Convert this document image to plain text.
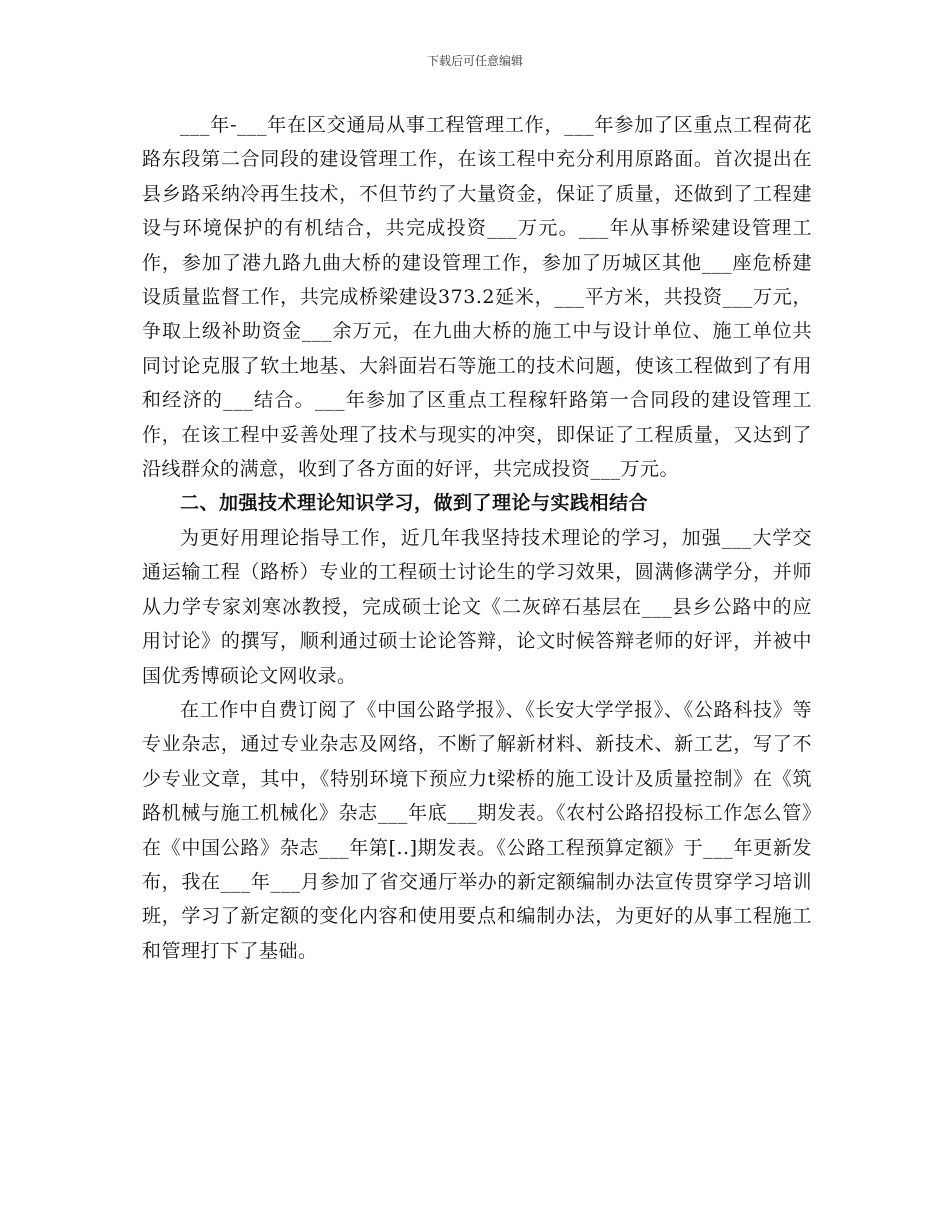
下载后可任意编辑

___年-___年在区交通局从事工程管理工作，___年参加了区重点工程荷花路东段第二合同段的建设管理工作，在该工程中充分利用原路面。首次提出在县乡路采纳冷再生技术，不但节约了大量资金，保证了质量，还做到了工程建设与环境保护的有机结合，共完成投资___万元。___年从事桥梁建设管理工作，参加了港九路九曲大桥的建设管理工作，参加了历城区其他___座危桥建设质量监督工作，共完成桥梁建设373.2延米，___平方米，共投资___万元，争取上级补助资金___余万元，在九曲大桥的施工中与设计单位、施工单位共同讨论克服了软土地基、大斜面岩石等施工的技术问题，使该工程做到了有用和经济的___结合。___年参加了区重点工程稼轩路第一合同段的建设管理工作，在该工程中妥善处理了技术与现实的冲突，即保证了工程质量，又达到了沿线群众的满意，收到了各方面的好评，共完成投资___万元。

二、加强技术理论知识学习，做到了理论与实践相结合

为更好用理论指导工作，近几年我坚持技术理论的学习，加强___大学交通运输工程（路桥）专业的工程硕士讨论生的学习效果，圆满修满学分，并师从力学专家刘寒冰教授，完成硕士论文《二灰碎石基层在___县乡公路中的应用讨论》的撰写，顺利通过硕士论论答辩，论文时候答辩老师的好评，并被中国优秀博硕论文网收录。

在工作中自费订阅了《中国公路学报》、《长安大学学报》、《公路科技》等专业杂志，通过专业杂志及网络，不断了解新材料、新技术、新工艺，写了不少专业文章，其中，《特别环境下预应力t梁桥的施工设计及质量控制》在《筑路机械与施工机械化》杂志___年底___期发表。《农村公路招投标工作怎么管》在《中国公路》杂志___年第[..]期发表。《公路工程预算定额》于___年更新发布，我在___年___月参加了省交通厅举办的新定额编制办法宣传贯穿学习培训班，学习了新定额的变化内容和使用要点和编制办法，为更好的从事工程施工和管理打下了基础。
